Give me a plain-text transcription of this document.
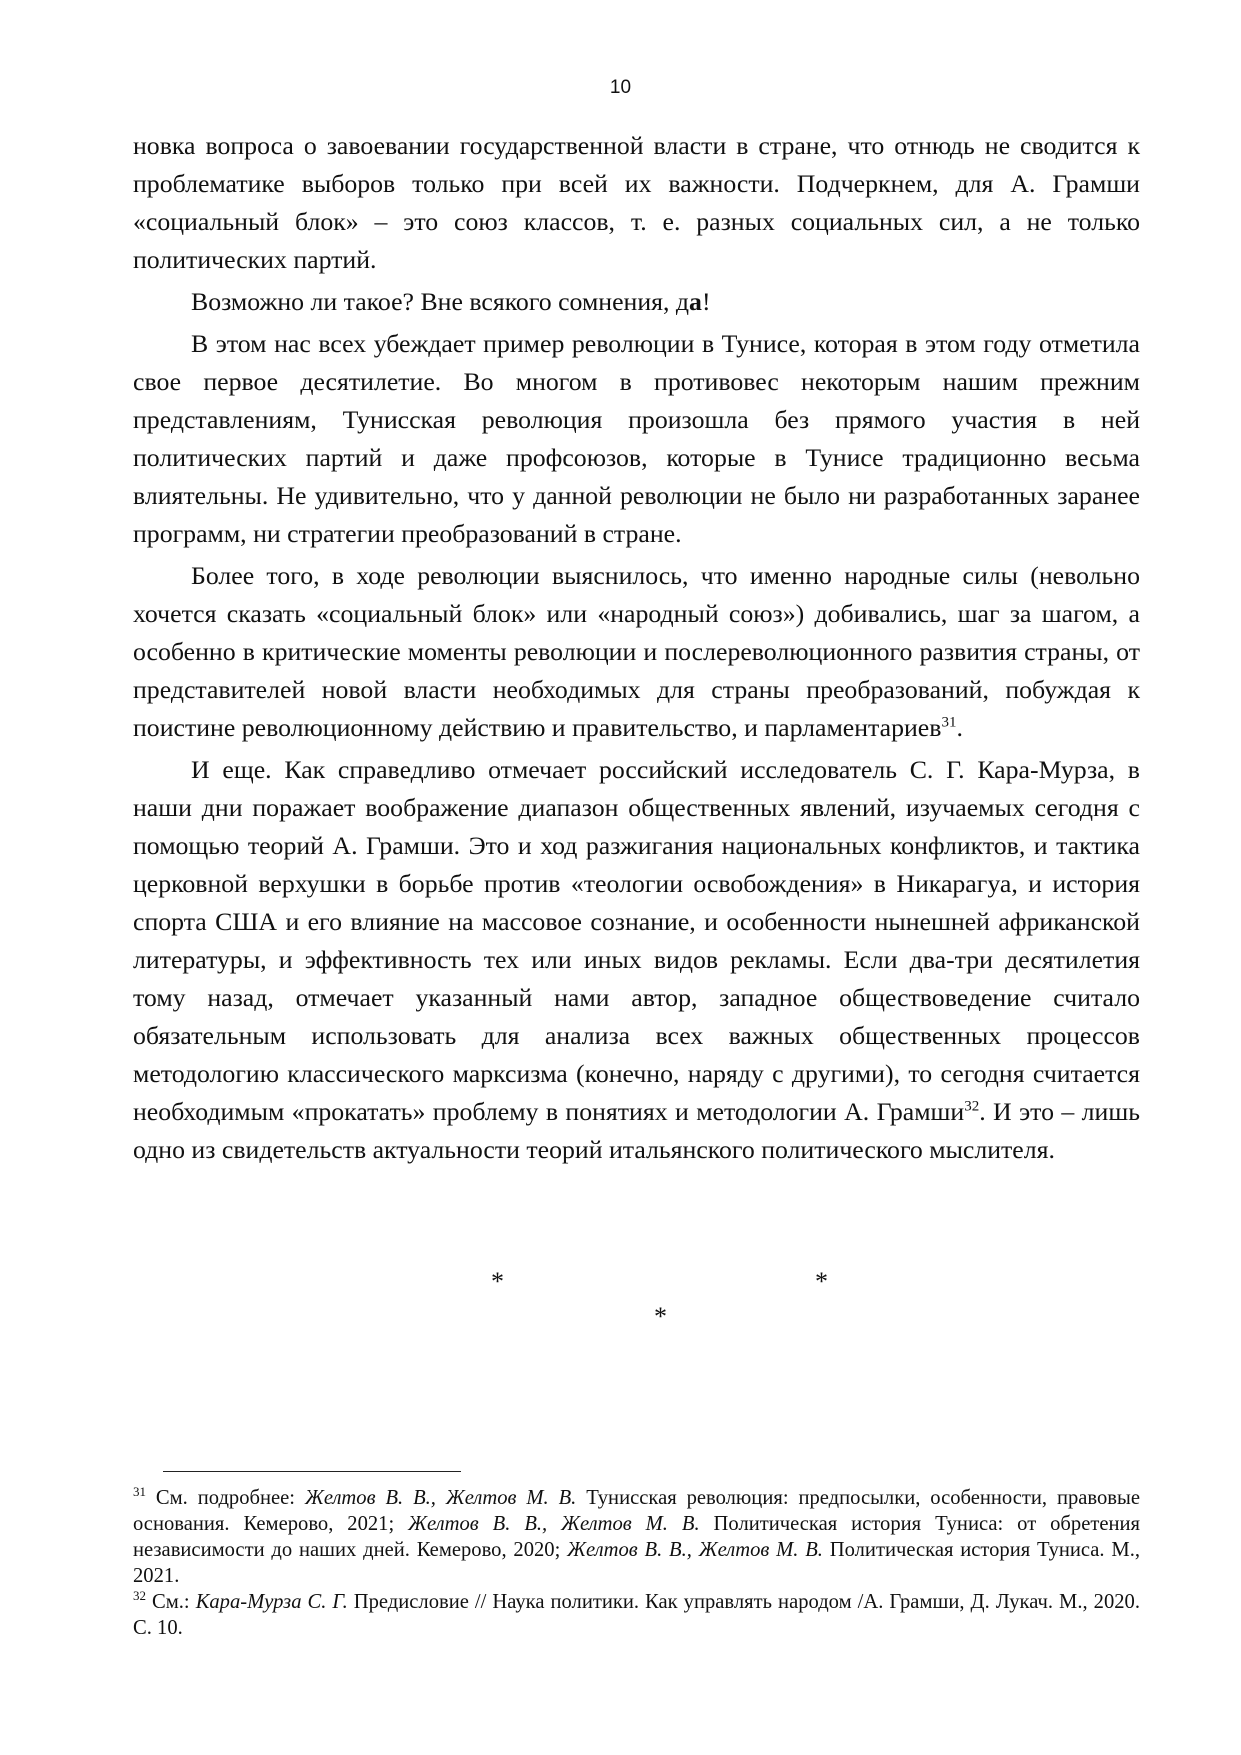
10

новка вопроса о завоевании государственной власти в стране, что отнюдь не сводится к проблематике выборов только при всей их важности. Подчеркнем, для А. Грамши «социальный блок» – это союз классов, т. е. разных социальных сил, а не только политических партий.

Возможно ли такое? Вне всякого сомнения, да!

В этом нас всех убеждает пример революции в Тунисе, которая в этом году отметила свое первое десятилетие. Во многом в противовес некоторым нашим прежним представлениям, Тунисская революция произошла без прямого участия в ней политических партий и даже профсоюзов, которые в Тунисе традиционно весьма влиятельны. Не удивительно, что у данной революции не было ни разработанных заранее программ, ни стратегии преобразований в стране.

Более того, в ходе революции выяснилось, что именно народные силы (невольно хочется сказать «социальный блок» или «народный союз») добивались, шаг за шагом, а особенно в критические моменты революции и послереволюционного развития страны, от представителей новой власти необходимых для страны преобразований, побуждая к поистине революционному действию и правительство, и парламентариев$^{31}$.

И еще. Как справедливо отмечает российский исследователь С. Г. Кара-Мурза, в наши дни поражает воображение диапазон общественных явлений, изучаемых сегодня с помощью теорий А. Грамши. Это и ход разжигания национальных конфликтов, и тактика церковной верхушки в борьбе против «теологии освобождения» в Никарагуа, и история спорта США и его влияние на массовое сознание, и особенности нынешней африканской литературы, и эффективность тех или иных видов рекламы. Если два-три десятилетия тому назад, отмечает указанный нами автор, западное обществоведение считало обязательным использовать для анализа всех важных общественных процессов методологию классического марксизма (конечно, наряду с другими), то сегодня считается необходимым «прокатать» проблему в понятиях и методологии А. Грамши$^{32}$. И это – лишь одно из свидетельств актуальности теорий итальянского политического мыслителя.

*	*
*

$^{31}$ См. подробнее: Желтов В. В., Желтов М. В. Тунисская революция: предпосылки, особенности, правовые основания. Кемерово, 2021; Желтов В. В., Желтов М. В. Политическая история Туниса: от обретения независимости до наших дней. Кемерово, 2020; Желтов В. В., Желтов М. В. Политическая история Туниса. М., 2021.

$^{32}$ См.: Кара-Мурза С. Г. Предисловие // Наука политики. Как управлять народом /А. Грамши, Д. Лукач. М., 2020. С. 10.
